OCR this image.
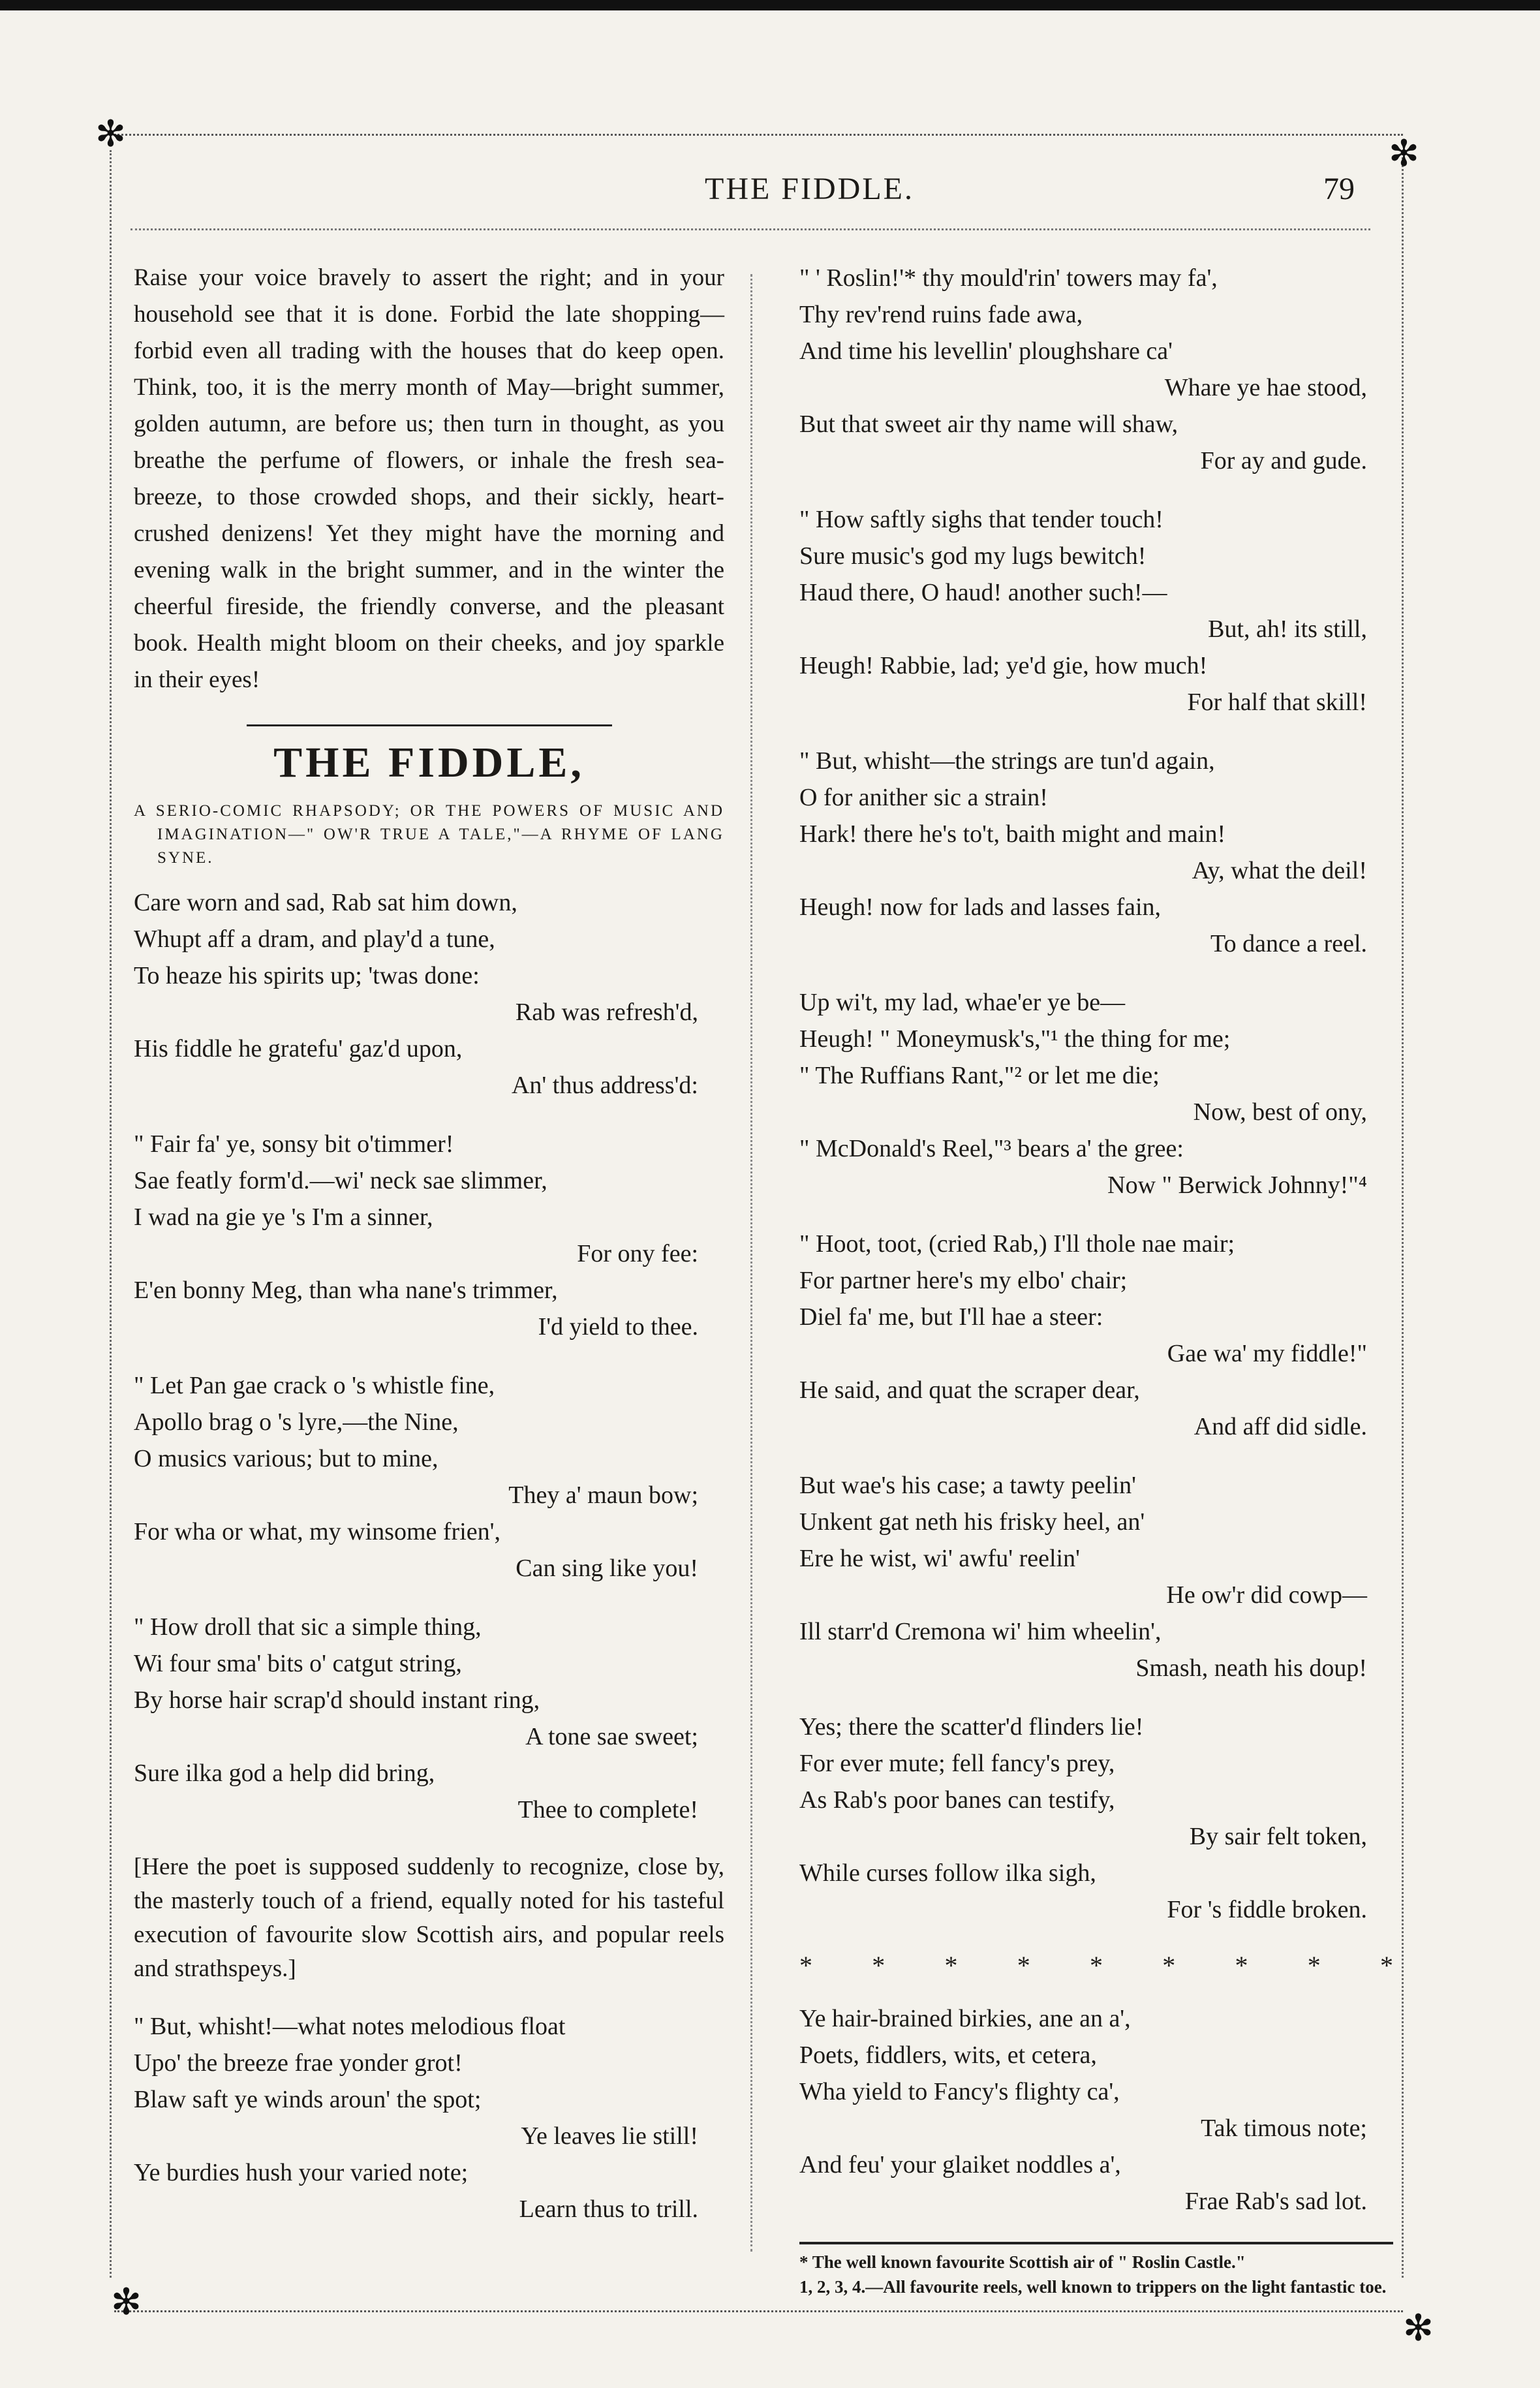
✻	✻
✻
✻
THE FIDDLE.	79

Raise your voice bravely to assert the right; and in your household see that it is done. Forbid the late shopping—forbid even all trading with the houses that do keep open. Think, too, it is the merry month of May—bright summer, golden autumn, are before us; then turn in thought, as you breathe the perfume of flowers, or inhale the fresh sea-breeze, to those crowded shops, and their sickly, heart-crushed denizens! Yet they might have the morning and evening walk in the bright summer, and in the winter the cheerful fireside, the friendly converse, and the pleasant book. Health might bloom on their cheeks, and joy sparkle in their eyes!

THE FIDDLE,

A SERIO-COMIC RHAPSODY; OR THE POWERS OF MUSIC AND IMAGINATION—" OW'R TRUE A TALE,"—A RHYME OF LANG SYNE.

Care worn and sad, Rab sat him down,
Whupt aff a dram, and play'd a tune,
To heaze his spirits up; 'twas done:
Rab was refresh'd,
His fiddle he gratefu' gaz'd upon,
An' thus address'd:
" Fair fa' ye, sonsy bit o'timmer!
Sae featly form'd.—wi' neck sae slimmer,
I wad na gie ye 's I'm a sinner,
For ony fee:
E'en bonny Meg, than wha nane's trimmer,
I'd yield to thee.
" Let Pan gae crack o 's whistle fine,
Apollo brag o 's lyre,—the Nine,
O musics various; but to mine,
They a' maun bow;
For wha or what, my winsome frien',
Can sing like you!
" How droll that sic a simple thing,
Wi four sma' bits o' catgut string,
By horse hair scrap'd should instant ring,
A tone sae sweet;
Sure ilka god a help did bring,
Thee to complete!

[Here the poet is supposed suddenly to recognize, close by, the masterly touch of a friend, equally noted for his tasteful execution of favourite slow Scottish airs, and popular reels and strathspeys.]

" But, whisht!—what notes melodious float
Upo' the breeze frae yonder grot!
Blaw saft ye winds aroun' the spot;
Ye leaves lie still!
Ye burdies hush your varied note;
Learn thus to trill.
" ' Roslin!'* thy mould'rin' towers may fa',
Thy rev'rend ruins fade awa,
And time his levellin' ploughshare ca'
Whare ye hae stood,
But that sweet air thy name will shaw,
For ay and gude.
" How saftly sighs that tender touch!
Sure music's god my lugs bewitch!
Haud there, O haud! another such!—
But, ah! its still,
Heugh! Rabbie, lad; ye'd gie, how much!
For half that skill!
" But, whisht—the strings are tun'd again,
O for anither sic a strain!
Hark! there he's to't, baith might and main!
Ay, what the deil!
Heugh! now for lads and lasses fain,
To dance a reel.
Up wi't, my lad, whae'er ye be—
Heugh! " Moneymusk's,"¹ the thing for me;
" The Ruffians Rant,"² or let me die;
Now, best of ony,
" McDonald's Reel,"³ bears a' the gree:
Now " Berwick Johnny!"⁴
" Hoot, toot, (cried Rab,) I'll thole nae mair;
For partner here's my elbo' chair;
Diel fa' me, but I'll hae a steer:
Gae wa' my fiddle!"
He said, and quat the scraper dear,
And aff did sidle.
But wae's his case; a tawty peelin'
Unkent gat neth his frisky heel, an'
Ere he wist, wi' awfu' reelin'
He ow'r did cowp—
Ill starr'd Cremona wi' him wheelin',
Smash, neath his doup!
Yes; there the scatter'd flinders lie!
For ever mute; fell fancy's prey,
As Rab's poor banes can testify,
By sair felt token,
While curses follow ilka sigh,
For 's fiddle broken.
* * * * * * * * *
Ye hair-brained birkies, ane an a',
Poets, fiddlers, wits, et cetera,
Wha yield to Fancy's flighty ca',
Tak timous note;
And feu' your glaiket noddles a',
Frae Rab's sad lot.

* The well known favourite Scottish air of " Roslin Castle."

1, 2, 3, 4.—All favourite reels, well known to trippers on the light fantastic toe.
